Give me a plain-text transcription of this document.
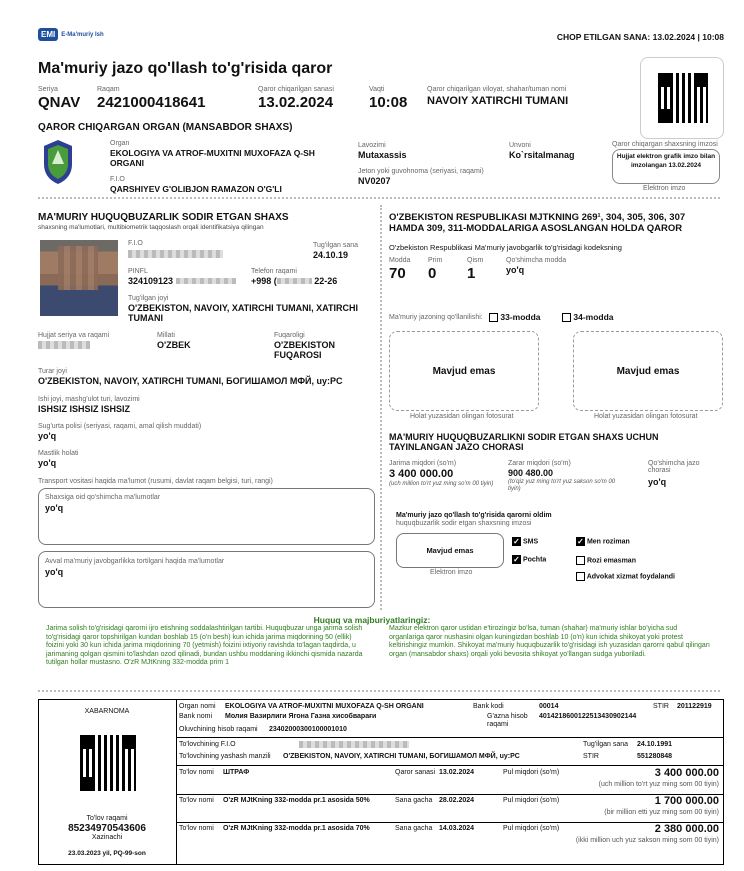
EMI	E-Ma'muriy Ish	CHOP ETILGAN SANA: 13.02.2024 | 10:08
Ma'muriy jazo qo'llash to'g'risida qaror
Seriya
QNAV
Raqam
2421000418641
Qaror chiqarilgan sanasi
13.02.2024
Vaqti
10:08
Qaror chiqarilgan viloyat, shahar/tuman nomi
NAVOIY XATIRCHI TUMANI
QAROR CHIQARGAN ORGAN (MANSABDOR SHAXS)
Organ
EKOLOGIYA VA ATROF-MUXITNI MUXOFAZA Q-SH ORGANI
F.I.O
QARSHIYEV G'OLIBJON RAMAZON O'G'LI
Lavozimi
Mutaxassis
Unvoni
Ko`rsitalmanag
Jeton yoki guvohnoma (seriyasi, raqami)
NV0207
Qaror chiqargan shaxsning imzosi
Hujjat elektron grafik imzo bilan imzolangan 13.02.2024
Elektron imzo
MA'MURIY HUQUQBUZARLIK SODIR ETGAN SHAXS
shaxsning ma'lumotlari, multibiometrik taqqoslash orqali identifikatsiya qilingan
F.I.O	Tug'ilgan sana
24.10.19
PINFL
324109123
Telefon raqami
+998 (	22-26
Tug'ilgan joyi
O'ZBEKISTON, NAVOIY, XATIRCHI TUMANI, XATIRCHI TUMANI
Hujjat seriya va raqami	Millati
O'ZBEK
Fuqaroligi
O'ZBEKISTON FUQAROSI
Turar joyi
O'ZBEKISTON, NAVOIY, XATIRCHI TUMANI, БОГИШАМОЛ МФЙ, uy:PC
Ishi joyi, mashg'ulot turi, lavozimi
ISHSIZ ISHSIZ ISHSIZ
Sug'urta polisi (seriyasi, raqami, amal qilish muddati)
yo'q
Mastlik holati
yo'q
Transport vositasi haqida ma'lumot (rusumi, davlat raqam belgisi, turi, rangi)
Shaxsiga oid qo'shimcha ma'lumotlar
yo'q
Avval ma'muriy javobgarlikka tortilgani haqida ma'lumotlar
yo'q
O'ZBEKISTON RESPUBLIKASI MJTKNING 269¹, 304, 305, 306, 307 HAMDA 309, 311-MODDALARIGA ASOSLANGAN HOLDA QAROR
O'zbekiston Respublikasi Ma'muriy javobgarlik to'g'risidagi kodeksning
Modda
70
Prim
0
Qism
1
Qo'shimcha modda
yo'q
Ma'muriy jazoning qo'llanilishi:	33-modda	34-modda
Mavjud emas
Holat yuzasidan olingan fotosurat
Mavjud emas
Holat yuzasidan olingan fotosurat
MA'MURIY HUQUQBUZARLIKNI SODIR ETGAN SHAXS UCHUN TAYINLANGAN JAZO CHORASI
Jarima miqdori (so'm)
3 400 000.00
(uch million to'rt yuz ming so'm 00 tiyin)
Zarar miqdori (so'm)
900 480.00
(to'qiz yuz ming to'rt yuz sakson so'm 00 tiyin)
Qo'shimcha jazo chorasi
yo'q
Ma'muriy jazo qo'llash to'g'risida qarorni oldim
huquqbuzarlik sodir etgan shaxsning imzosi
Mavjud emas
Elektron imzo
✓ SMS
✓ Pochta
✓ Men roziman
Rozi emasman
Advokat xizmat foydalandi
Huquq va majburiyatlaringiz:
Jarima solish to'g'risidagi qarorni ijro etishning soddalashtirilgan tartibi. Huquqbuzar unga jarima solish to'g'risidagi qaror topshirilgan kundan boshlab 15 (o'n besh) kun ichida jarima miqdorining 50 (ellik) foizini yoki 30 kun ichida jarima miqdorining 70 (yetmish) foizini ixtiyoriy ravishda to'lagan taqdirda, u jarimaning qolgan qismini to'lashdan ozod qilinadi, bundan ushbu moddaning ikkinchi qismida nazarda tutilgan hollar mustasno. O'zR MJtKning 332-modda prim 1
Mazkur elektron qaror ustidan e'tirozingiz bo'lsa, tuman (shahar) ma'muriy ishlar bo'yicha sud organlariga qaror nushasini olgan kuningizdan boshlab 10 (o'n) kun ichida shikoyat yoki protest keltirishingiz mumkin. Shikoyat ma'muriy huquqbuzarlik to'g'risidagi ish yuzasidan qarorni qabul qilingan organ (mansabdor shaxs) orqali yoki bevosita shikoyat yo'llangan sudga yuboriladi.
XABARNOMA
To'lov raqami
85234970543606
Xazinachi
23.03.2023 yil, PQ-99-son
Organ nomi EKOLOGIYA VA ATROF-MUXITNI MUXOFAZA Q-SH ORGANI	Bank kodi	00014	STIR 201122919
Bank nomi Молия Вазирлиги Ягона Газна хисобварағи	G'azna hisob raqami
401421860012251343090214​4
Oluvchining hisob raqami 23402000300100001010
To'lovchining F.I.O	Tug'ilgan sana 24.10.1991
To'lovchining yashash manzili O'ZBEKISTON, NAVOIY, XATIRCHI TUMANI, БОГИШАМОЛ МФЙ, uy:PC	STIR	551280848
To'lov nomi ШТРАФ	Qaror sanasi 13.02.2024	Pul miqdori (so'm)	3 400 000.00
(uch million to'rt yuz ming som 00 tiyin)
To'lov nomi O'zR MJtKning 332-modda pr.1 asosida 50%	Sana gacha 28.02.2024	Pul miqdori (so'm)	1 700 000.00
(bir million etti yuz ming som 00 tiyin)
To'lov nomi O'zR MJtKning 332-modda pr.1 asosida 70%	Sana gacha 14.03.2024	Pul miqdori (so'm)	2 380 000.00
(ikki million uch yuz sakson ming som 00 tiyin)
